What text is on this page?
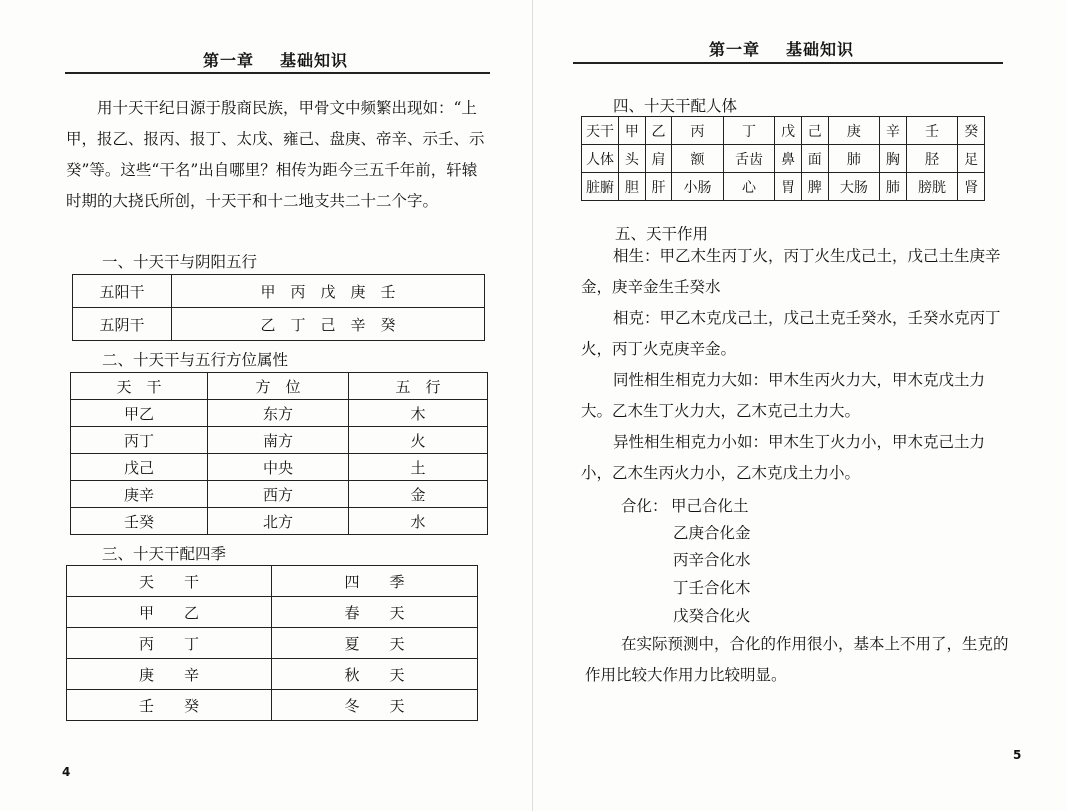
第一章 基础知识

用十天干纪日源于殷商民族，甲骨文中频繁出现如：“上甲，报乙、报丙、报丁、太戊、雍己、盘庚、帝辛、示壬、示癸”等。这些“干名”出自哪里？相传为距今三五千年前，轩辕时期的大挠氏所创，十天干和十二地支共二十二个字。

一、十天干与阴阳五行

五阳干	甲　丙　戊　庚　壬
五阴干	乙　丁　己　辛　癸

二、十天干与五行方位属性

天　干	方　位	五　行
甲乙	东方	木
丙丁	南方	火
戊己	中央	土
庚辛	西方	金
壬癸	北方	水

三、十天干配四季

天　　干	四　　季
甲　　乙	春　　天
丙　　丁	夏　　天
庚　　辛	秋　　天
壬　　癸	冬　　天
4
第一章 基础知识

四、十天干配人体

天干	甲	乙	丙	丁	戊	己	庚	辛	壬	癸
人体	头	肩	额	舌齿	鼻	面	肺	胸	胫	足
脏腑	胆	肝	小肠	心	胃	脾	大肠	肺	膀胱	肾

五、天干作用

相生：甲乙木生丙丁火，丙丁火生戊己土，戊己土生庚辛金，庚辛金生壬癸水

相克：甲乙木克戊己土，戊己土克壬癸水，壬癸水克丙丁火，丙丁火克庚辛金。

同性相生相克力大如：甲木生丙火力大，甲木克戊土力大。乙木生丁火力大，乙木克己土力大。

异性相生相克力小如：甲木生丁火力小，甲木克己土力小，乙木生丙火力小，乙木克戊土力小。

合化： 甲己合化土

乙庚合化金

丙辛合化水

丁壬合化木

戊癸合化火

在实际预测中，合化的作用很小，基本上不用了，生克的作用比较大作用力比较明显。

5
